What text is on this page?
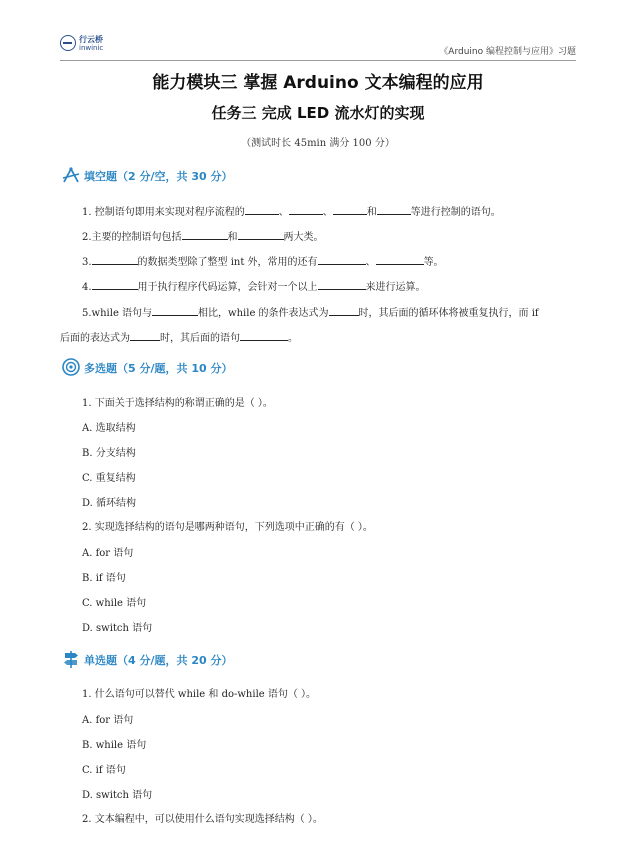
行云桥
inwinic	《Arduino 编程控制与应用》习题
能力模块三 掌握 Arduino 文本编程的应用
任务三 完成 LED 流水灯的实现
（测试时长 45min 满分 100 分）
填空题（2 分/空，共 30 分）
1. 控制语句即用来实现对程序流程的	、	、	和	等进行控制的语句。
2.主要的控制语句包括	和	两大类。
3.	的数据类型除了整型 int 外，常用的还有	、	等。
4.	用于执行程序代码运算，会针对一个以上	来进行运算。
5.while 语句与	相比，while 的条件表达式为	时，其后面的循环体将被重复执行，而 if
后面的表达式为	时，其后面的语句	。
多选题（5 分/题，共 10 分）
1. 下面关于选择结构的称谓正确的是（ ）。
A. 选取结构
B. 分支结构
C. 重复结构
D. 循环结构
2. 实现选择结构的语句是哪两种语句，下列选项中正确的有（ ）。
A. for 语句
B. if 语句
C. while 语句
D. switch 语句
单选题（4 分/题，共 20 分）
1. 什么语句可以替代 while 和 do-while 语句（ ）。
A. for 语句
B. while 语句
C. if 语句
D. switch 语句
2. 文本编程中，可以使用什么语句实现选择结构（ ）。
